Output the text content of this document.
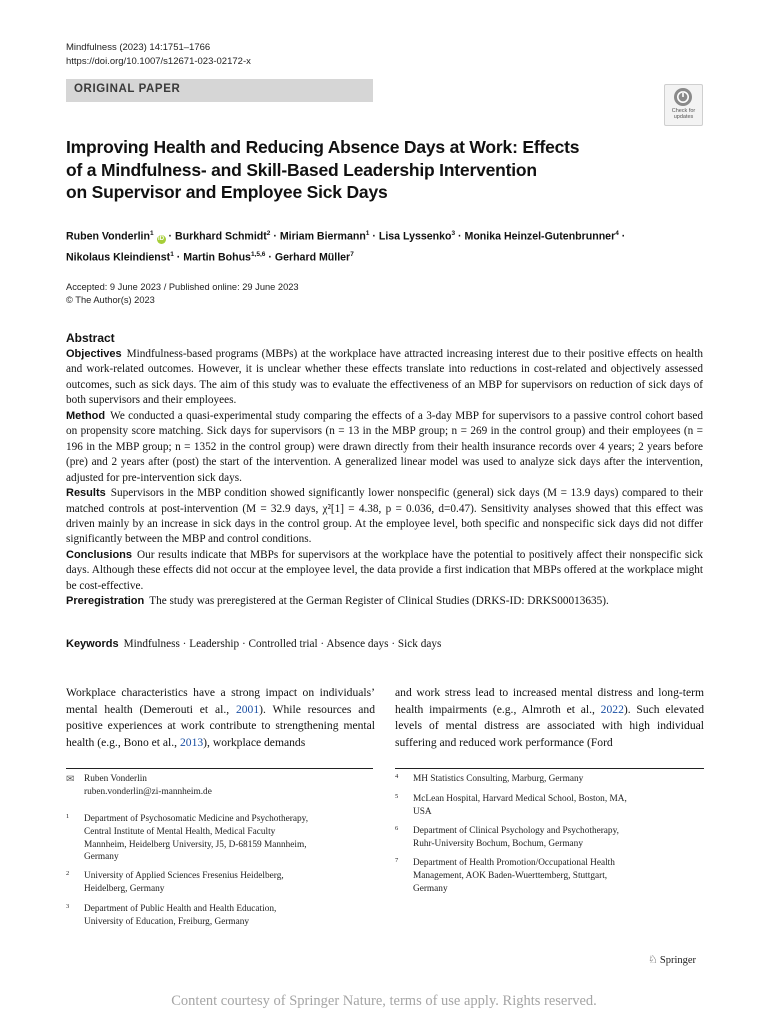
Mindfulness (2023) 14:1751–1766
https://doi.org/10.1007/s12671-023-02172-x
ORIGINAL PAPER
Check for
updates
Improving Health and Reducing Absence Days at Work: Effects
of a Mindfulness- and Skill-Based Leadership Intervention
on Supervisor and Employee Sick Days
Ruben Vonderlin$^1$ iD · Burkhard Schmidt$^2$ · Miriam Biermann$^1$ · Lisa Lyssenko$^3$ · Monika Heinzel-Gutenbrunner$^4$ ·
Nikolaus Kleindienst$^1$ · Martin Bohus$^{1,5,6}$ · Gerhard Müller$^7$
Accepted: 9 June 2023 / Published online: 29 June 2023
© The Author(s) 2023
Abstract

Objectives Mindfulness-based programs (MBPs) at the workplace have attracted increasing interest due to their positive effects on health and work-related outcomes. However, it is unclear whether these effects translate into reductions in cost-related and objectively assessed outcomes, such as sick days. The aim of this study was to evaluate the effectiveness of an MBP for supervisors on reduction of sick days of both supervisors and their employees.

Method We conducted a quasi-experimental study comparing the effects of a 3-day MBP for supervisors to a passive control cohort based on propensity score matching. Sick days for supervisors (n = 13 in the MBP group; n = 269 in the control group) and their employees (n = 196 in the MBP group; n = 1352 in the control group) were drawn directly from their health insurance records over 4 years; 2 years before (pre) and 2 years after (post) the start of the intervention. A generalized linear model was used to analyze sick days after the intervention, adjusted for pre-intervention sick days.

Results Supervisors in the MBP condition showed significantly lower nonspecific (general) sick days (M = 13.9 days) compared to their matched controls at post-intervention (M = 32.9 days, χ²[1] = 4.38, p = 0.036, d=0.47). Sensitivity analyses showed that this effect was driven mainly by an increase in sick days in the control group. At the employee level, both specific and nonspecific sick days did not differ significantly between the MBP and control conditions.

Conclusions Our results indicate that MBPs for supervisors at the workplace have the potential to positively affect their nonspecific sick days. Although these effects did not occur at the employee level, the data provide a first indication that MBPs offered at the workplace might be cost-effective.

Preregistration The study was preregistered at the German Register of Clinical Studies (DRKS-ID: DRKS00013635).

Keywords Mindfulness · Leadership · Controlled trial · Absence days · Sick days

Workplace characteristics have a strong impact on individuals’ mental health (Demerouti et al., 2001). While resources and positive experiences at work contribute to strengthening mental health (e.g., Bono et al., 2013), workplace demands

and work stress lead to increased mental distress and long-term health impairments (e.g., Almroth et al., 2022). Such elevated levels of mental distress are associated with high individual suffering and reduced work performance (Ford

✉ Ruben Vonderlin
ruben.vonderlin@zi-mannheim.de
1 Department of Psychosomatic Medicine and Psychotherapy,
Central Institute of Mental Health, Medical Faculty
Mannheim, Heidelberg University, J5, D-68159 Mannheim,
Germany
2 University of Applied Sciences Fresenius Heidelberg,
Heidelberg, Germany
3 Department of Public Health and Health Education,
University of Education, Freiburg, Germany
4 MH Statistics Consulting, Marburg, Germany
5 McLean Hospital, Harvard Medical School, Boston, MA,
USA
6 Department of Clinical Psychology and Psychotherapy,
Ruhr-University Bochum, Bochum, Germany
7 Department of Health Promotion/Occupational Health
Management, AOK Baden-Wuerttemberg, Stuttgart,
Germany
♘ Springer
Content courtesy of Springer Nature, terms of use apply. Rights reserved.
